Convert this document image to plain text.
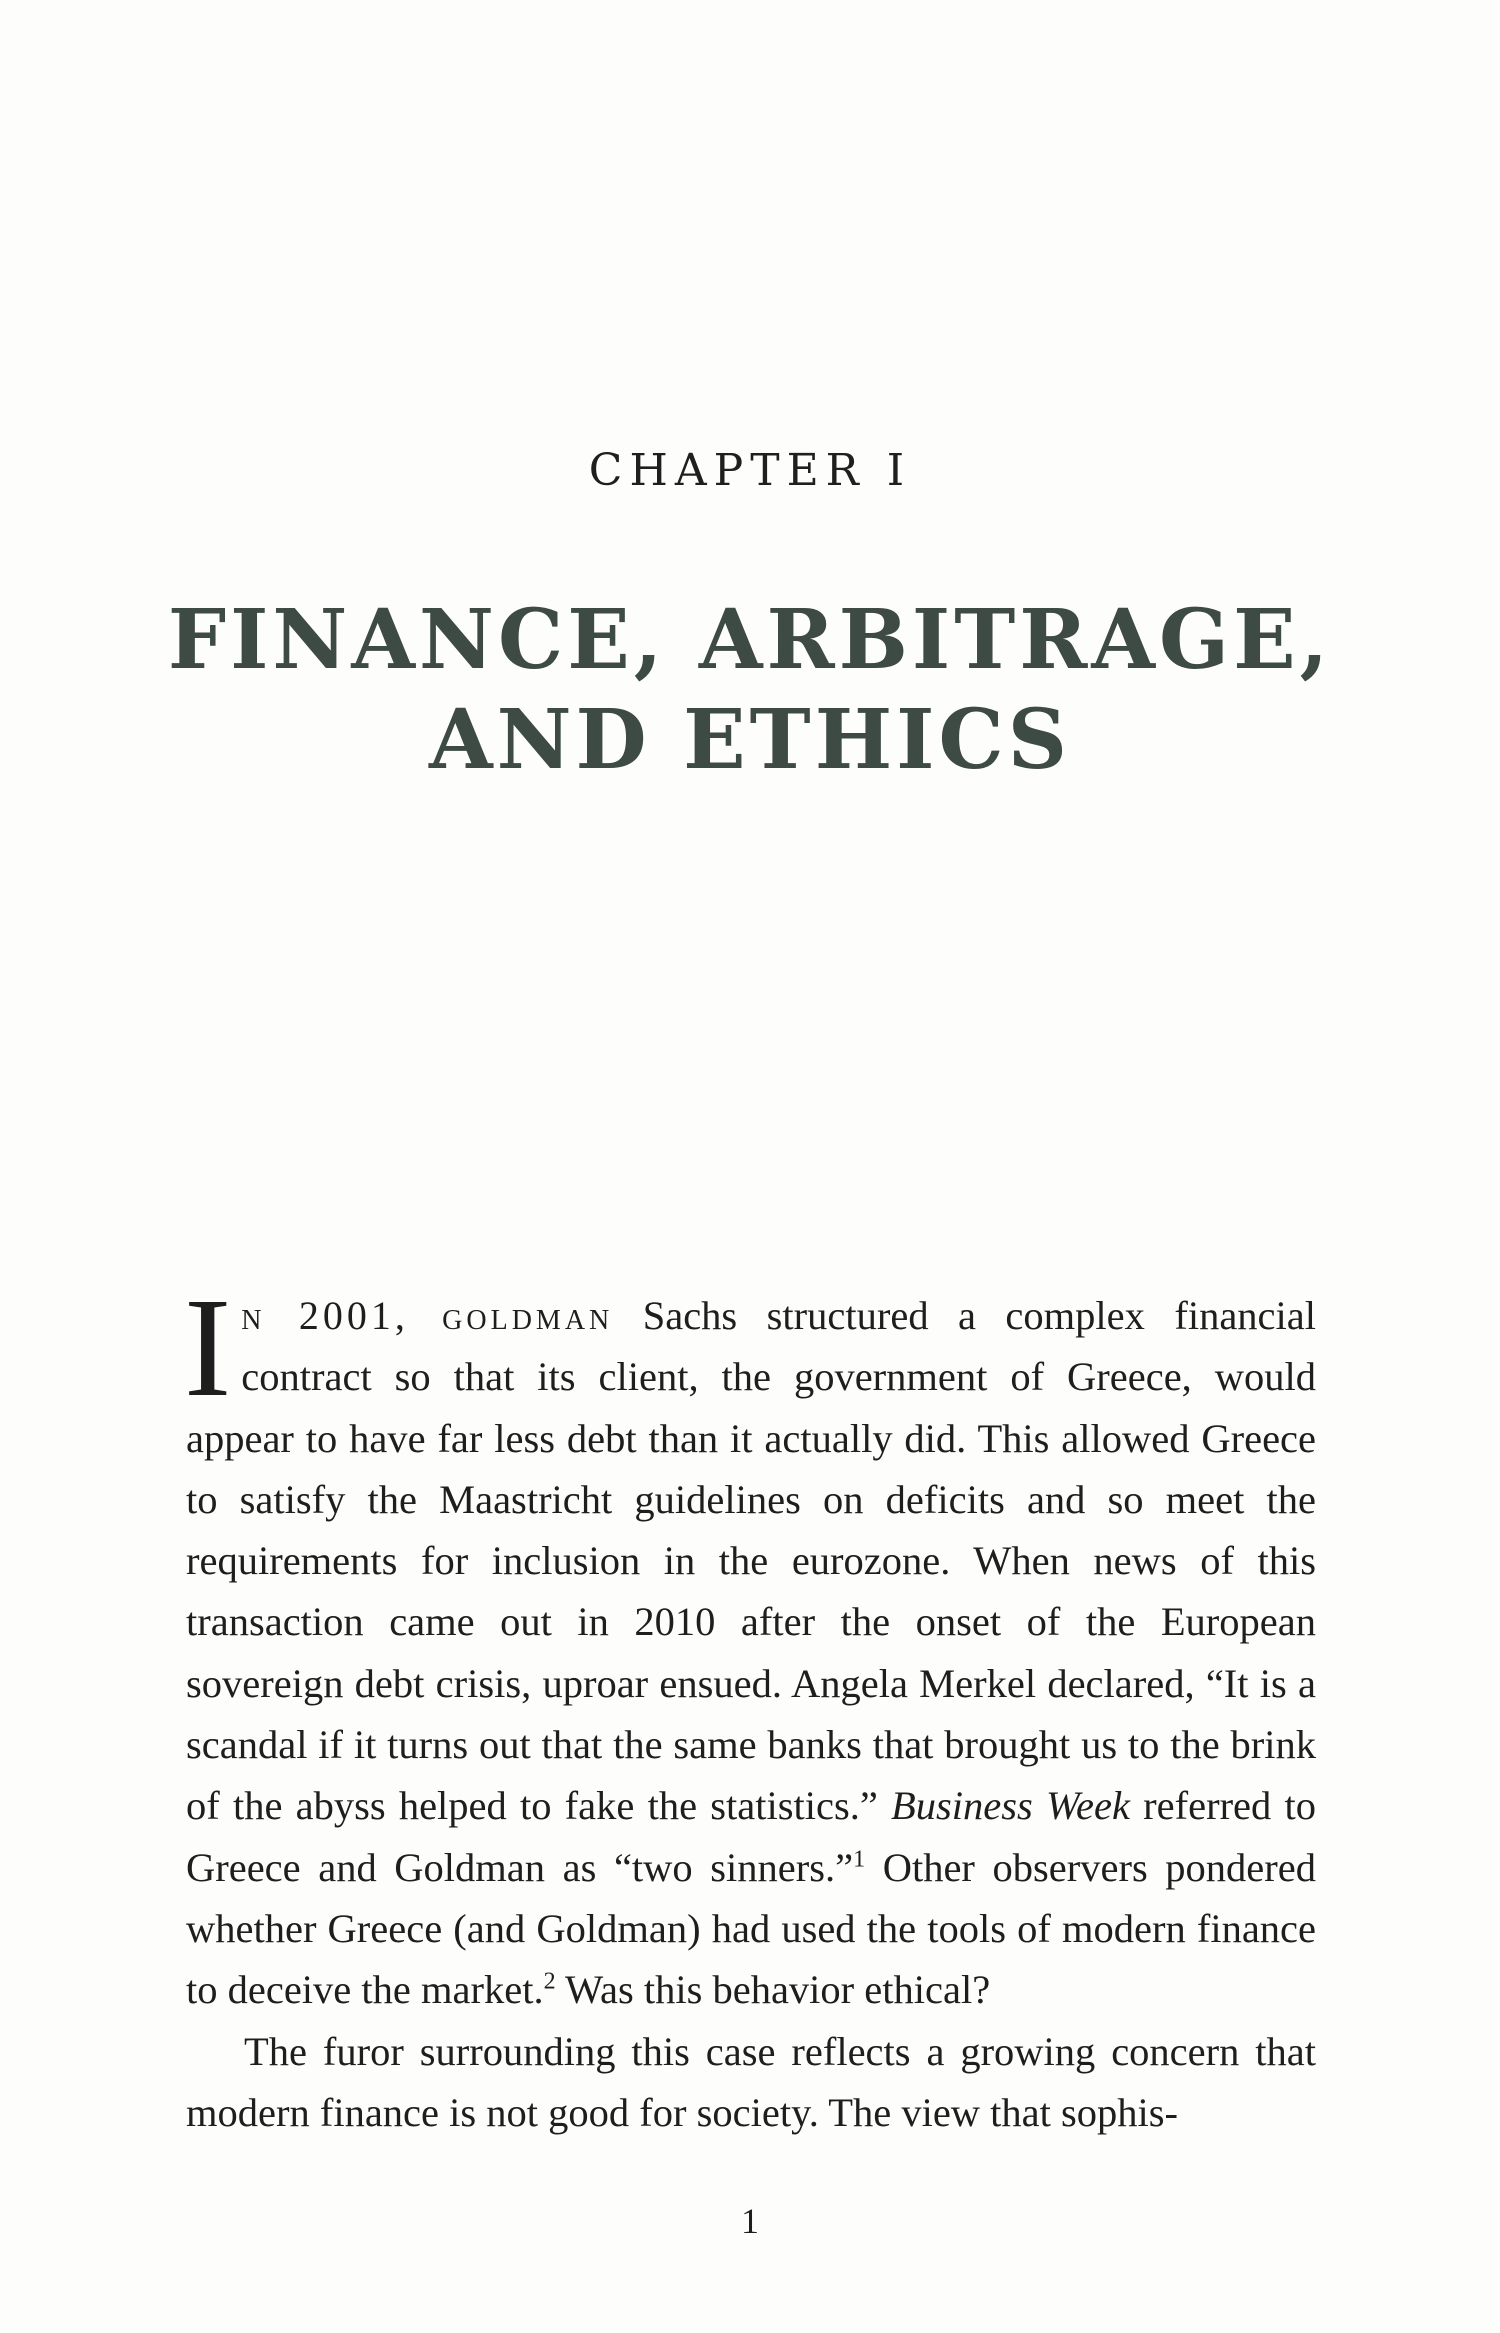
CHAPTER I
FINANCE, ARBITRAGE,
AND ETHICS

In 2001, goldman Sachs structured a complex financial contract so that its client, the government of Greece, would appear to have far less debt than it actually did. This allowed Greece to satisfy the Maastricht guidelines on deficits and so meet the requirements for inclusion in the eurozone. When news of this transaction came out in 2010 after the onset of the European sovereign debt crisis, uproar ensued. Angela Merkel declared, “It is a scandal if it turns out that the same banks that brought us to the brink of the abyss helped to fake the statistics.” Business Week referred to Greece and Goldman as “two sinners.”$^1$ Other observers pondered whether Greece (and Goldman) had used the tools of modern finance to deceive the market.$^2$ Was this behavior ethical?

The furor surrounding this case reflects a growing concern that modern finance is not good for society. The view that sophis-

1
